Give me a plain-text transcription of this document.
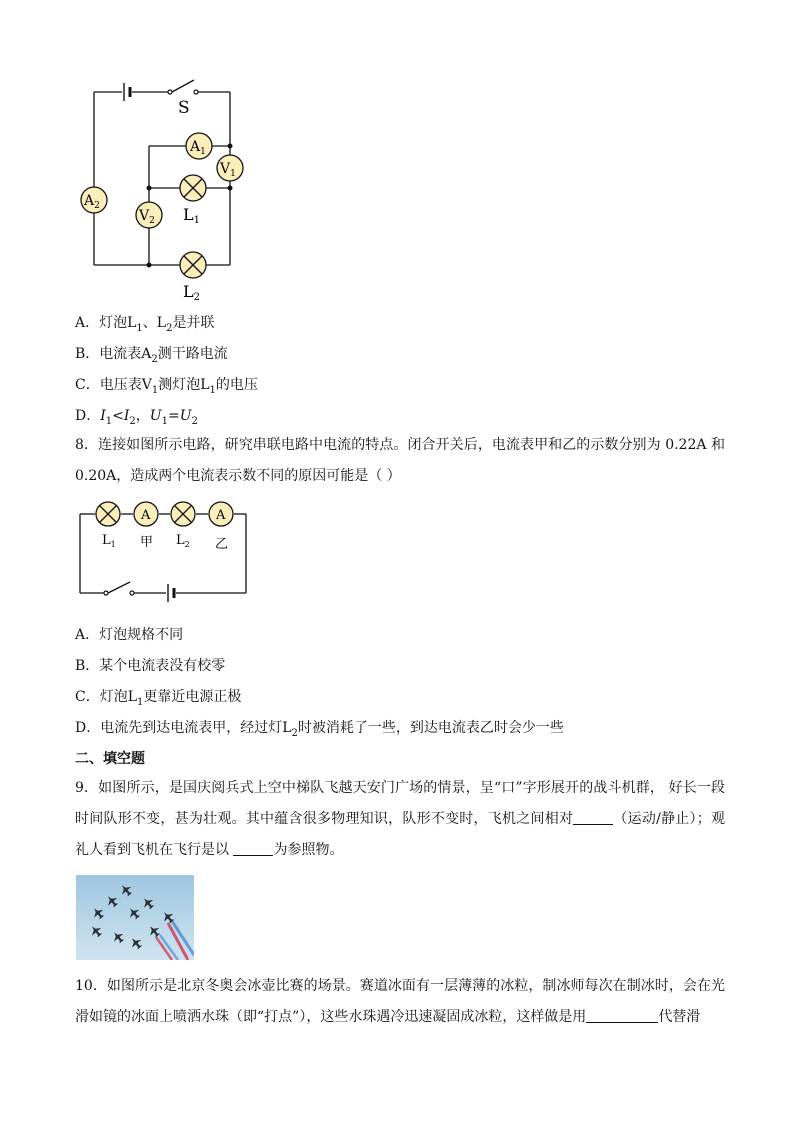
S
$A_1$
$A_2$
$V_1$
$V_2$ L1
L2
A．灯泡$L_1$、$L_2$是并联
B．电流表$A_2$测干路电流
C．电压表$V_1$测灯泡$L_1$的电压
D．$I_1<I_2$，$U_1=U_2$
8．连接如图所示电路，研究串联电路中电流的特点。闭合开关后，电流表甲和乙的示数分别为 0.22A 和 0.20A，造成两个电流表示数不同的原因可能是（ ）
A	A
$L_1$ 甲 $L_2$ 乙
A．灯泡规格不同
B．某个电流表没有校零
C．灯泡$L_1$更靠近电源正极
D．电流先到达电流表甲，经过灯$L_2$时被消耗了一些，到达电流表乙时会少一些
二、填空题
9．如图所示，是国庆阅兵式上空中梯队飞越天安门广场的情景，呈“口”字形展开的战斗机群， 好长一段时间队形不变，甚为壮观。其中蕴含很多物理知识，队形不变时，飞机之间相对	（运动/静止）；观礼人看到飞机在飞行是以	为参照物。
10．如图所示是北京冬奥会冰壶比赛的场景。赛道冰面有一层薄薄的冰粒，制冰师每次在制冰时，会在光滑如镜的冰面上喷洒水珠（即“打点”），这些水珠遇冷迅速凝固成冰粒，这样做是用	代替滑
